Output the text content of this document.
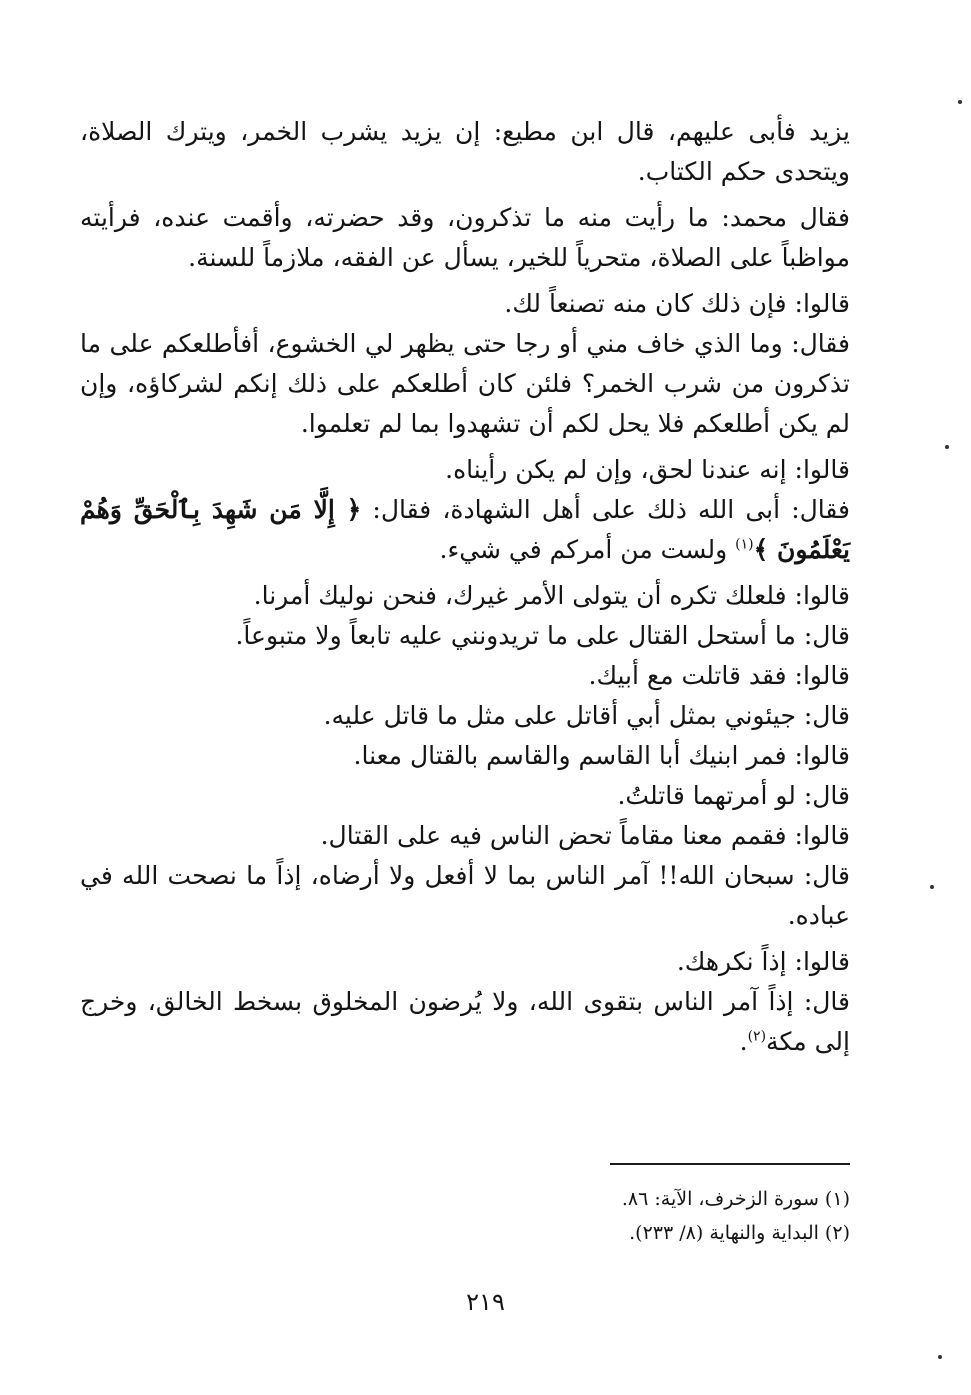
يزيد فأبى عليهم، قال ابن مطيع: إن يزيد يشرب الخمر، ويترك الصلاة، ويتحدى حكم الكتاب.

فقال محمد: ما رأيت منه ما تذكرون، وقد حضرته، وأقمت عنده، فرأيته مواظباً على الصلاة، متحرياً للخير، يسأل عن الفقه، ملازماً للسنة.

قالوا: فإن ذلك كان منه تصنعاً لك.

فقال: وما الذي خاف مني أو رجا حتى يظهر لي الخشوع، أفأطلعكم على ما تذكرون من شرب الخمر؟ فلئن كان أطلعكم على ذلك إنكم لشركاؤه، وإن لم يكن أطلعكم فلا يحل لكم أن تشهدوا بما لم تعلموا.

قالوا: إنه عندنا لحق، وإن لم يكن رأيناه.

فقال: أبى الله ذلك على أهل الشهادة، فقال: ﴿ إِلَّا مَن شَهِدَ بِٱلْحَقِّ وَهُمْ يَعْلَمُونَ ﴾$^{(١)}$ ولست من أمركم في شيء.

قالوا: فلعلك تكره أن يتولى الأمر غيرك، فنحن نوليك أمرنا.

قال: ما أستحل القتال على ما تريدونني عليه تابعاً ولا متبوعاً.

قالوا: فقد قاتلت مع أبيك.

قال: جيئوني بمثل أبي أقاتل على مثل ما قاتل عليه.

قالوا: فمر ابنيك أبا القاسم والقاسم بالقتال معنا.

قال: لو أمرتهما قاتلتُ.

قالوا: فقمم معنا مقاماً تحض الناس فيه على القتال.

قال: سبحان الله!! آمر الناس بما لا أفعل ولا أرضاه، إذاً ما نصحت الله في عباده.

قالوا: إذاً نكرهك.

قال: إذاً آمر الناس بتقوى الله، ولا يُرضون المخلوق بسخط الخالق، وخرج إلى مكة$^{(٢)}$.

(١) سورة الزخرف، الآية: ٨٦.

(٢) البداية والنهاية (٨/ ٢٣٣).

٢١٩
